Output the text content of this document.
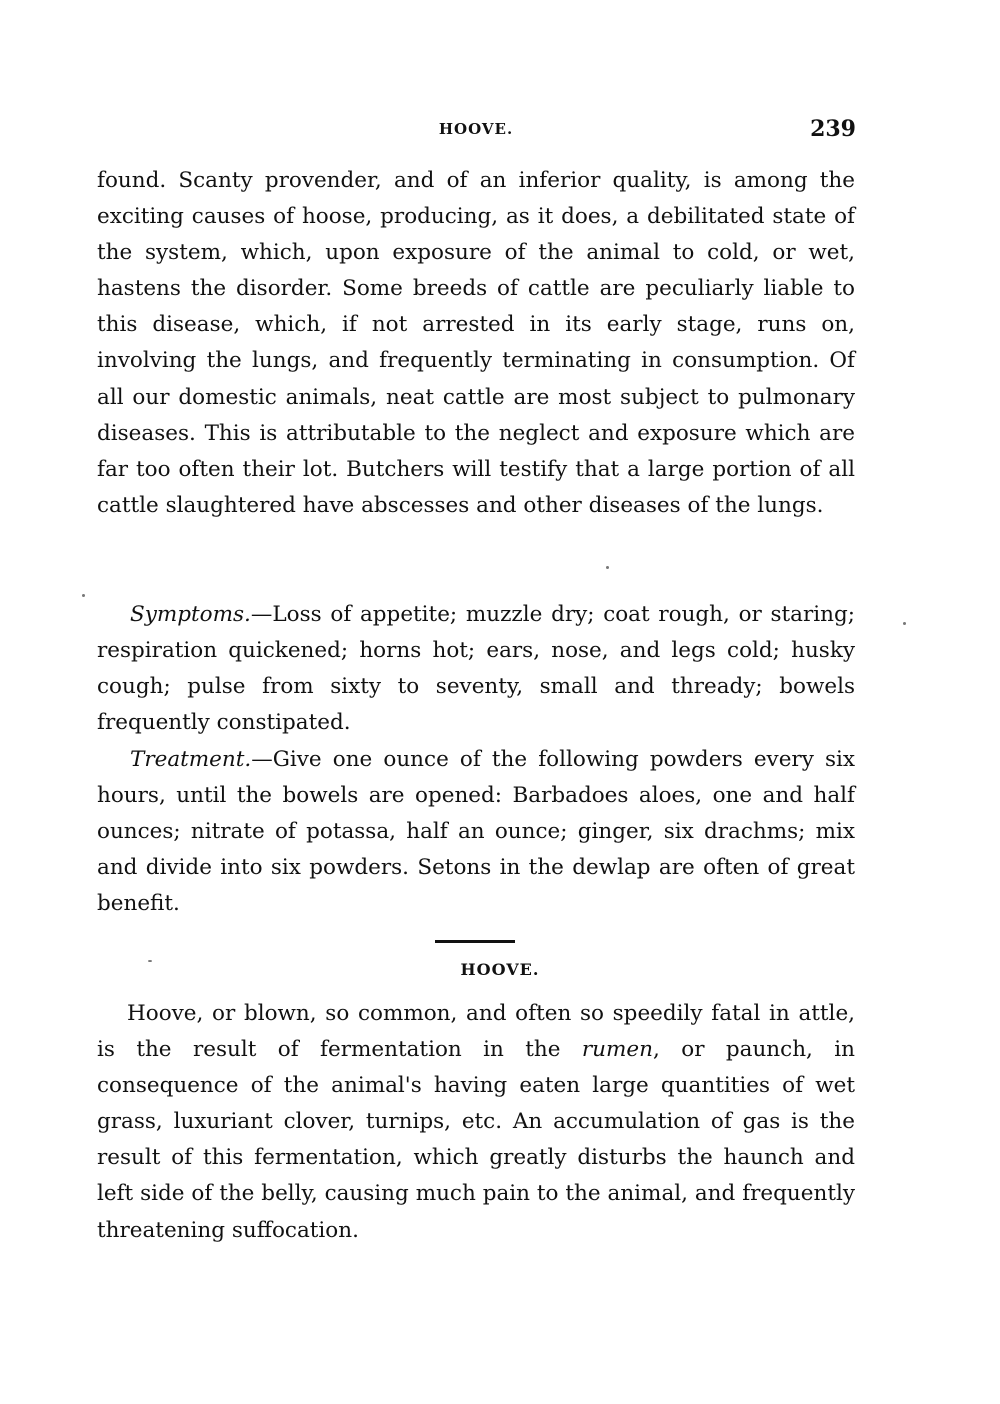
HOOVE.	239

found. Scanty provender, and of an inferior quality, is among the exciting causes of hoose, producing, as it does, a debilitated state of the system, which, upon exposure of the animal to cold, or wet, hastens the disorder. Some breeds of cattle are peculiarly liable to this disease, which, if not arrested in its early stage, runs on, involving the lungs, and frequently terminating in consumption. Of all our domestic animals, neat cattle are most subject to pulmonary diseases. This is attributable to the neglect and exposure which are far too often their lot. Butchers will testify that a large portion of all cattle slaughtered have abscesses and other diseases of the lungs.

Symptoms.—Loss of appetite; muzzle dry; coat rough, or staring; respiration quickened; horns hot; ears, nose, and legs cold; husky cough; pulse from sixty to seventy, small and thready; bowels frequently constipated.

Treatment.—Give one ounce of the following powders every six hours, until the bowels are opened: Barbadoes aloes, one and half ounces; nitrate of potassa, half an ounce; ginger, six drachms; mix and divide into six powders. Setons in the dewlap are often of great benefit.

HOOVE.

Hoove, or blown, so common, and often so speedily fatal in attle, is the result of fermentation in the rumen, or paunch, in consequence of the animal's having eaten large quantities of wet grass, luxuriant clover, turnips, etc. An accumulation of gas is the result of this fermentation, which greatly disturbs the haunch and left side of the belly, causing much pain to the animal, and frequently threatening suffocation.
